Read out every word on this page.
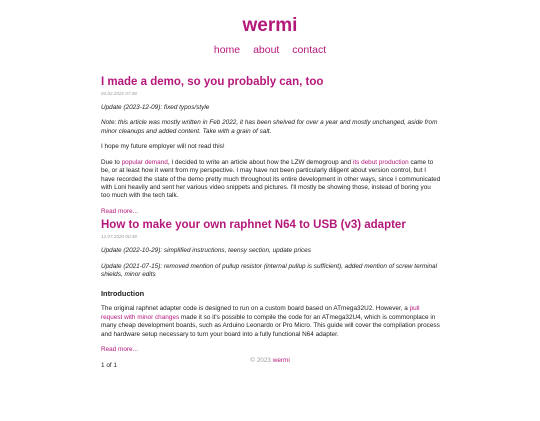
wermi
home about contact
I made a demo, so you probably can, too
03.02.2022 07:48

Update (2023-12-09): fixed typos/style

Note: this article was mostly written in Feb 2022, it has been shelved for over a year and mostly unchanged, aside from minor cleanups and added content. Take with a grain of salt.

I hope my future employer will not read this!

Due to popular demand, I decided to write an article about how the LZW demogroup and its debut production came to be, or at least how it went from my perspective. I may have not been particularly diligent about version control, but I have recorded the state of the demo pretty much throughout its entire development in other ways, since I communicated with Loni heavily and sent her various video snippets and pictures. I'll mostly be showing those, instead of boring you too much with the tech talk.

Read more...
How to make your own raphnet N64 to USB (v3) adapter
12.07.2020 00:38

Update (2022-10-29): simplified instructions, teensy section, update prices

Update (2021-07-15): removed mention of pullup resistor (internal pullup is sufficient), added mention of screw terminal shields, minor edits

Introduction

The original raphnet adapter code is designed to run on a custom board based on ATmega32U2. However, a pull request with minor changes made it so it's possible to compile the code for an ATmega32U4, which is commonplace in many cheap development boards, such as Arduino Leonardo or Pro Micro. This guide will cover the compilation process and hardware setup necessary to turn your board into a fully functional N64 adapter.

Read more...
1 of 1
© 2023 wermi
